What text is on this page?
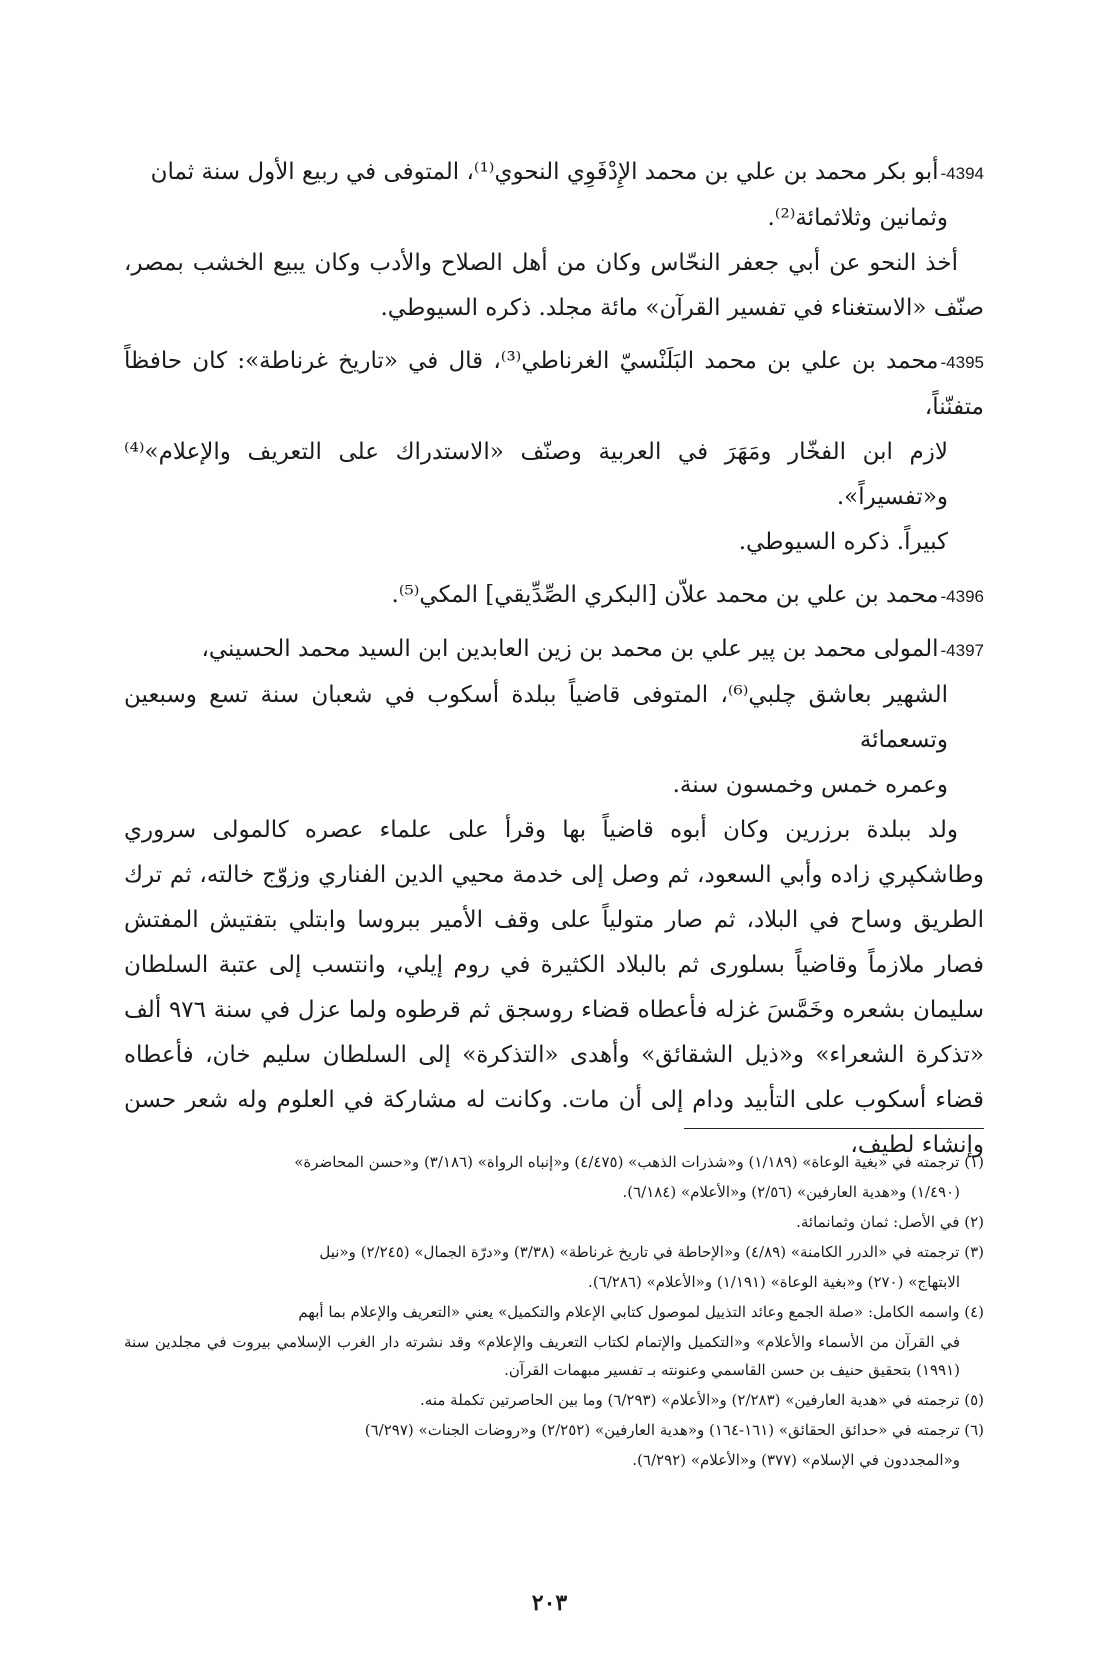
4394-أبو بكر محمد بن علي بن محمد الإِدْفَوِي النحوي⁽¹⁾، المتوفى في ربيع الأول سنة ثمان

وثمانين وثلاثمائة⁽²⁾.

أخذ النحو عن أبي جعفر النحّاس وكان من أهل الصلاح والأدب وكان يبيع الخشب بمصر، صنّف «الاستغناء في تفسير القرآن» مائة مجلد. ذكره السيوطي.

4395-محمد بن علي بن محمد البَلَنْسيّ الغرناطي⁽³⁾، قال في «تاريخ غرناطة»: كان حافظاً متفنّناً،

لازم ابن الفخّار ومَهَرَ في العربية وصنّف «الاستدراك على التعريف والإعلام»⁽⁴⁾ و«تفسيراً».

كبيراً. ذكره السيوطي.

4396-محمد بن علي بن محمد علاّن [البكري الصِّدِّيقي] المكي⁽⁵⁾.

4397-المولى محمد بن پير علي بن محمد بن زين العابدين ابن السيد محمد الحسيني،

الشهير بعاشق چلبي⁽⁶⁾، المتوفى قاضياً ببلدة أسكوب في شعبان سنة تسع وسبعين وتسعمائة

وعمره خمس وخمسون سنة.

ولد ببلدة برزرين وكان أبوه قاضياً بها وقرأ على علماء عصره كالمولى سروري وطاشكپري زاده وأبي السعود، ثم وصل إلى خدمة محيي الدين الفناري وزوّج خالته، ثم ترك الطريق وساح في البلاد، ثم صار متولياً على وقف الأمير ببروسا وابتلي بتفتيش المفتش فصار ملازماً وقاضياً بسلورى ثم بالبلاد الكثيرة في روم إيلي، وانتسب إلى عتبة السلطان سليمان بشعره وخَمَّسَ غزله فأعطاه قضاء روسجق ثم قرطوه ولما عزل في سنة ٩٧٦ ألف «تذكرة الشعراء» و«ذيل الشقائق» وأهدى «التذكرة» إلى السلطان سليم خان، فأعطاه قضاء أسكوب على التأبيد ودام إلى أن مات. وكانت له مشاركة في العلوم وله شعر حسن وإنشاء لطيف،

(١) ترجمته في «بغية الوعاة» (١/١٨٩) و«شذرات الذهب» (٤/٤٧٥) و«إنباه الرواة» (٣/١٨٦) و«حسن المحاضرة»

(١/٤٩٠) و«هدية العارفين» (٢/٥٦) و«الأعلام» (٦/١٨٤).

(٢) في الأصل: ثمان وثمانمائة.

(٣) ترجمته في «الدرر الكامنة» (٤/٨٩) و«الإحاطة في تاريخ غرناطة» (٣/٣٨) و«درّة الجمال» (٢/٢٤٥) و«نيل

الابتهاج» (٢٧٠) و«بغية الوعاة» (١/١٩١) و«الأعلام» (٦/٢٨٦).

(٤) واسمه الكامل: «صلة الجمع وعائد التذييل لموصول كتابي الإعلام والتكميل» يعني «التعريف والإعلام بما أبهم

في القرآن من الأسماء والأعلام» و«التكميل والإتمام لكتاب التعريف والإعلام» وقد نشرته دار الغرب الإسلامي بيروت في مجلدين سنة (١٩٩١) بتحقيق حنيف بن حسن القاسمي وعنونته بـ تفسير مبهمات القرآن.

(٥) ترجمته في «هدية العارفين» (٢/٢٨٣) و«الأعلام» (٦/٢٩٣) وما بين الحاصرتين تكملة منه.

(٦) ترجمته في «حدائق الحقائق» (١٦١-١٦٤) و«هدية العارفين» (٢/٢٥٢) و«روضات الجنات» (٦/٢٩٧)

و«المجددون في الإسلام» (٣٧٧) و«الأعلام» (٦/٢٩٢).

٢٠٣
